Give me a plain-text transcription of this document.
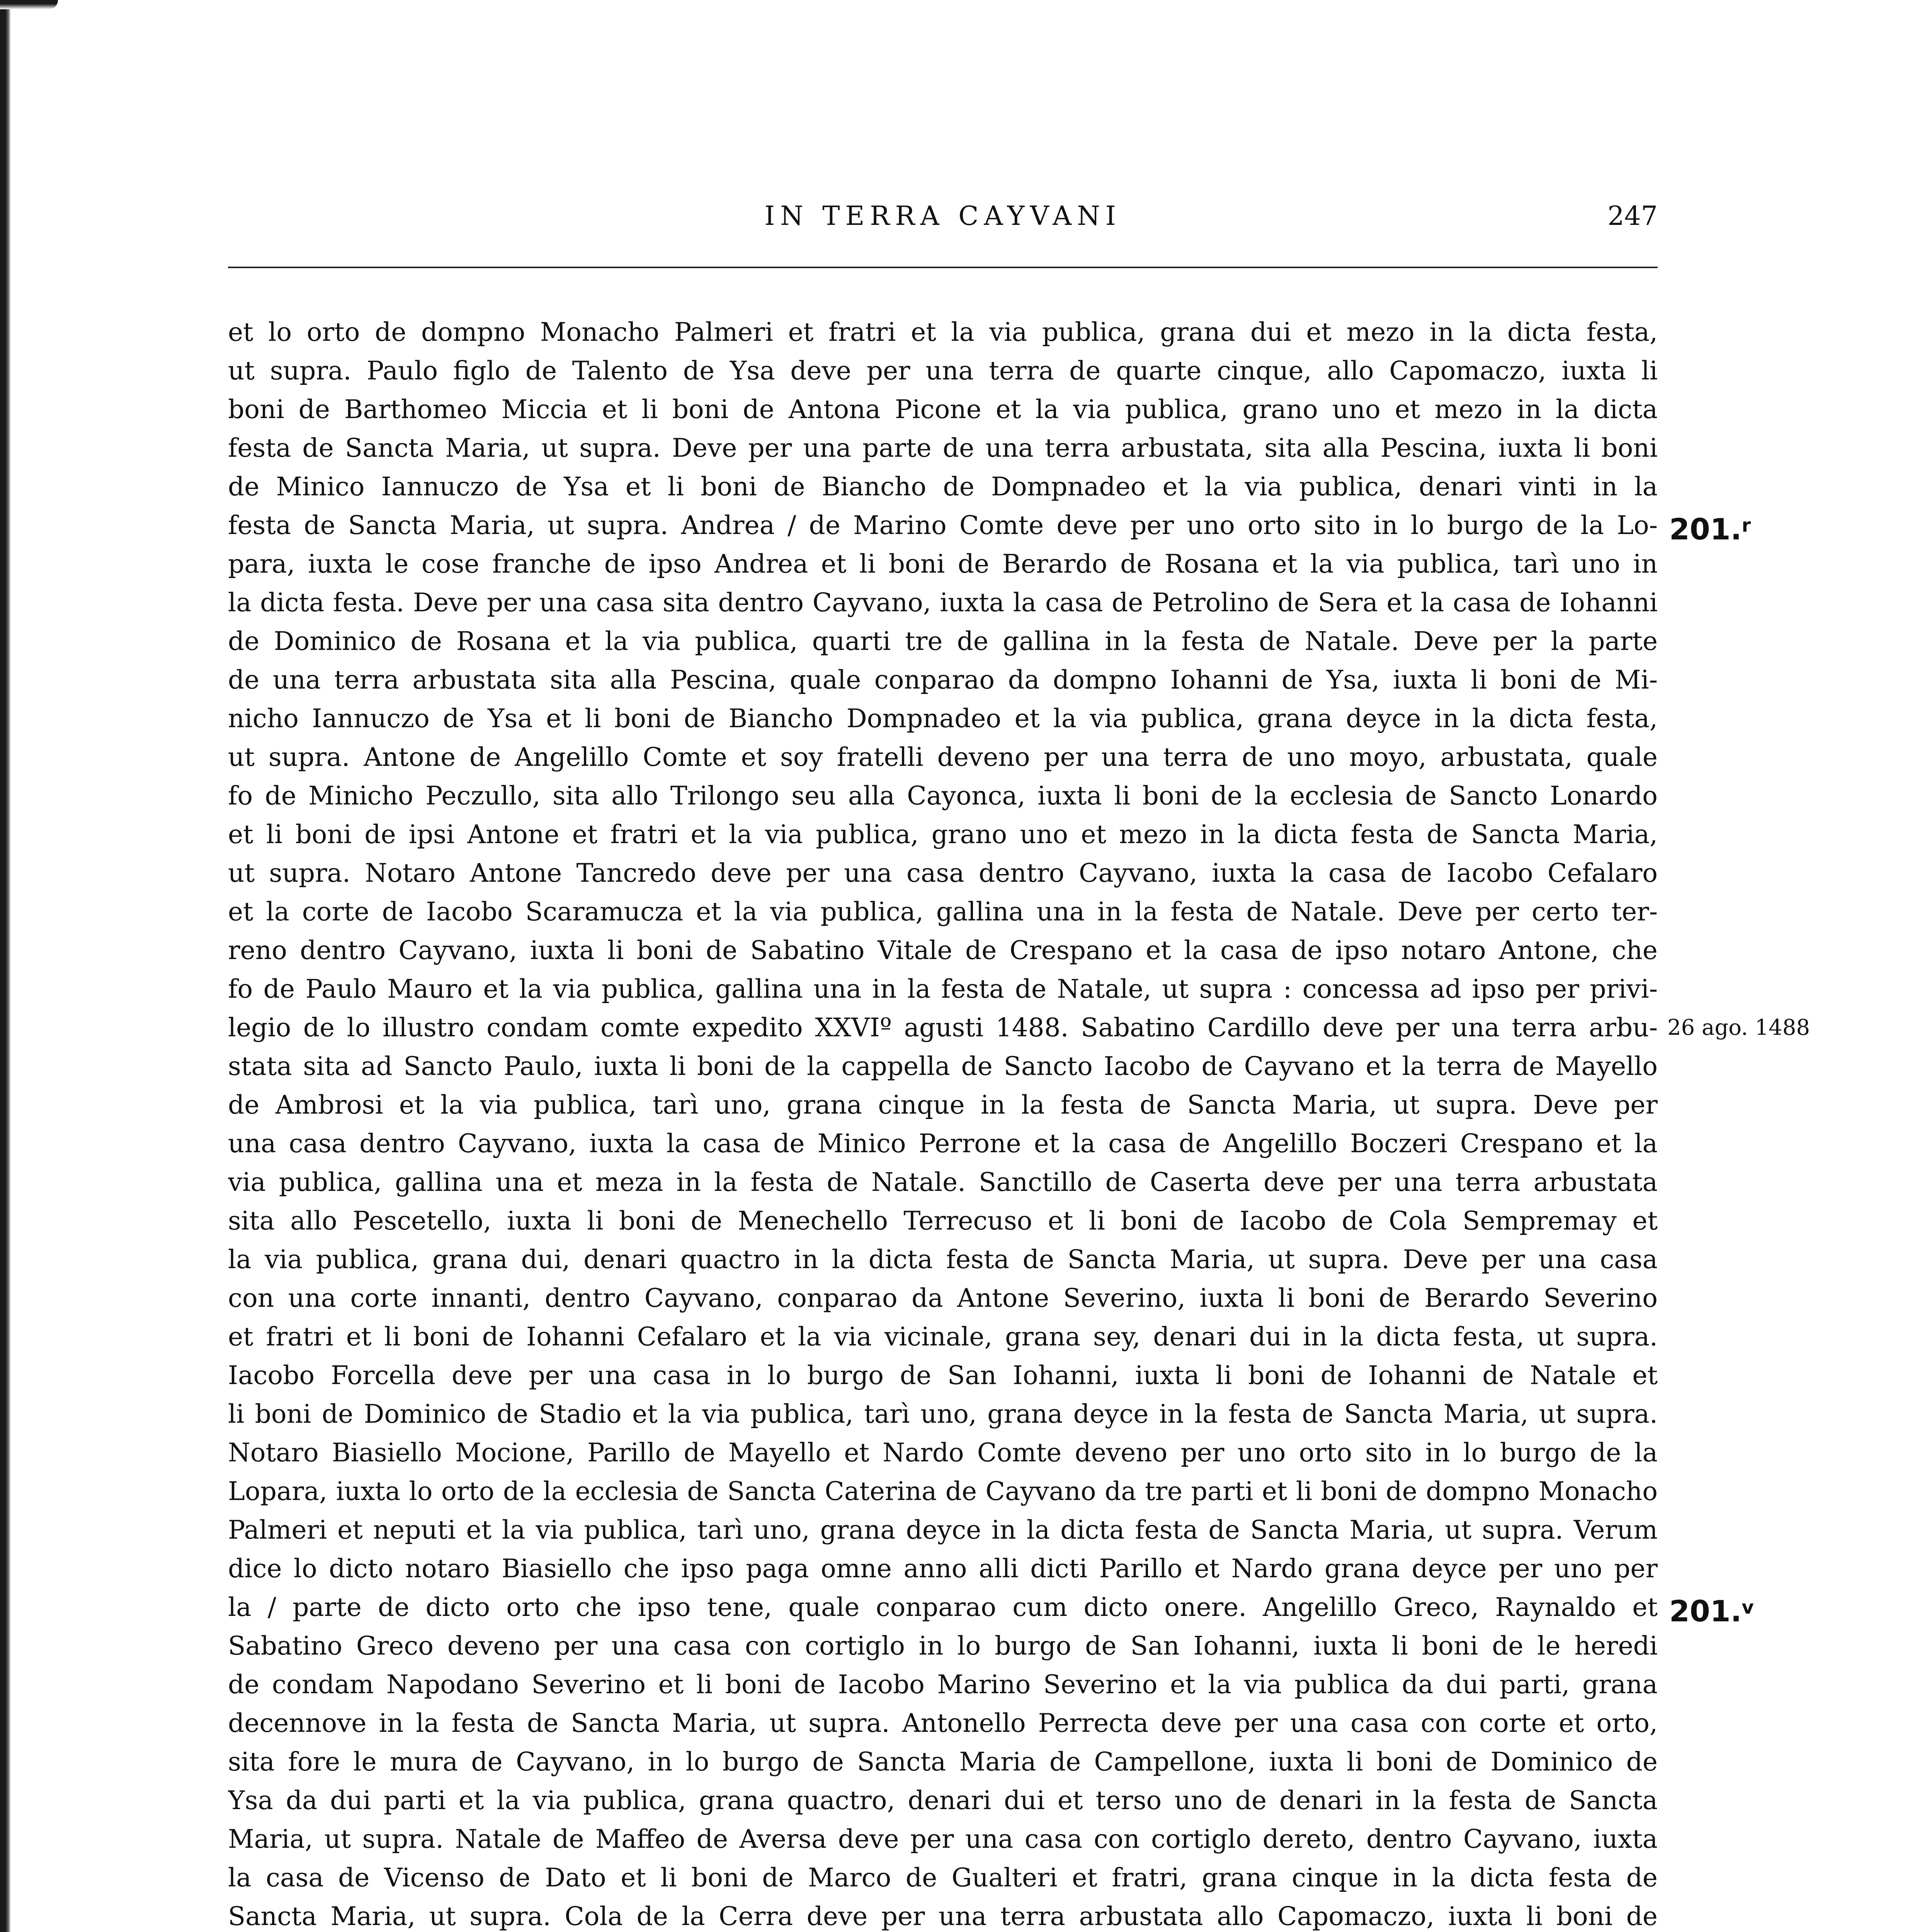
IN TERRA CAYVANI	247
et lo orto de dompno Monacho Palmeri et fratri et la via publica, grana dui et mezo in la dicta festa,
ut supra. Paulo figlo de Talento de Ysa deve per una terra de quarte cinque, allo Capomaczo, iuxta li
boni de Barthomeo Miccia et li boni de Antona Picone et la via publica, grano uno et mezo in la dicta
festa de Sancta Maria, ut supra. Deve per una parte de una terra arbustata, sita alla Pescina, iuxta li boni
de Minico Iannuczo de Ysa et li boni de Biancho de Dompnadeo et la via publica, denari vinti in la
festa de Sancta Maria, ut supra. Andrea / de Marino Comte deve per uno orto sito in lo burgo de la Lo-
para, iuxta le cose franche de ipso Andrea et li boni de Berardo de Rosana et la via publica, tarì uno in
la dicta festa. Deve per una casa sita dentro Cayvano, iuxta la casa de Petrolino de Sera et la casa de Iohanni
de Dominico de Rosana et la via publica, quarti tre de gallina in la festa de Natale. Deve per la parte
de una terra arbustata sita alla Pescina, quale conparao da dompno Iohanni de Ysa, iuxta li boni de Mi-
nicho Iannuczo de Ysa et li boni de Biancho Dompnadeo et la via publica, grana deyce in la dicta festa,
ut supra. Antone de Angelillo Comte et soy fratelli deveno per una terra de uno moyo, arbustata, quale
fo de Minicho Peczullo, sita allo Trilongo seu alla Cayonca, iuxta li boni de la ecclesia de Sancto Lonardo
et li boni de ipsi Antone et fratri et la via publica, grano uno et mezo in la dicta festa de Sancta Maria,
ut supra. Notaro Antone Tancredo deve per una casa dentro Cayvano, iuxta la casa de Iacobo Cefalaro
et la corte de Iacobo Scaramucza et la via publica, gallina una in la festa de Natale. Deve per certo ter-
reno dentro Cayvano, iuxta li boni de Sabatino Vitale de Crespano et la casa de ipso notaro Antone, che
fo de Paulo Mauro et la via publica, gallina una in la festa de Natale, ut supra : concessa ad ipso per privi-
legio de lo illustro condam comte expedito XXVIº agusti 1488. Sabatino Cardillo deve per una terra arbu-
stata sita ad Sancto Paulo, iuxta li boni de la cappella de Sancto Iacobo de Cayvano et la terra de Mayello
de Ambrosi et la via publica, tarì uno, grana cinque in la festa de Sancta Maria, ut supra. Deve per
una casa dentro Cayvano, iuxta la casa de Minico Perrone et la casa de Angelillo Boczeri Crespano et la
via publica, gallina una et meza in la festa de Natale. Sanctillo de Caserta deve per una terra arbustata
sita allo Pescetello, iuxta li boni de Menechello Terrecuso et li boni de Iacobo de Cola Sempremay et
la via publica, grana dui, denari quactro in la dicta festa de Sancta Maria, ut supra. Deve per una casa
con una corte innanti, dentro Cayvano, conparao da Antone Severino, iuxta li boni de Berardo Severino
et fratri et li boni de Iohanni Cefalaro et la via vicinale, grana sey, denari dui in la dicta festa, ut supra.
Iacobo Forcella deve per una casa in lo burgo de San Iohanni, iuxta li boni de Iohanni de Natale et
li boni de Dominico de Stadio et la via publica, tarì uno, grana deyce in la festa de Sancta Maria, ut supra.
Notaro Biasiello Mocione, Parillo de Mayello et Nardo Comte deveno per uno orto sito in lo burgo de la
Lopara, iuxta lo orto de la ecclesia de Sancta Caterina de Cayvano da tre parti et li boni de dompno Monacho
Palmeri et neputi et la via publica, tarì uno, grana deyce in la dicta festa de Sancta Maria, ut supra. Verum
dice lo dicto notaro Biasiello che ipso paga omne anno alli dicti Parillo et Nardo grana deyce per uno per
la / parte de dicto orto che ipso tene, quale conparao cum dicto onere. Angelillo Greco, Raynaldo et
Sabatino Greco deveno per una casa con cortiglo in lo burgo de San Iohanni, iuxta li boni de le heredi
de condam Napodano Severino et li boni de Iacobo Marino Severino et la via publica da dui parti, grana
decennove in la festa de Sancta Maria, ut supra. Antonello Perrecta deve per una casa con corte et orto,
sita fore le mura de Cayvano, in lo burgo de Sancta Maria de Campellone, iuxta li boni de Dominico de
Ysa da dui parti et la via publica, grana quactro, denari dui et terso uno de denari in la festa de Sancta
Maria, ut supra. Natale de Maffeo de Aversa deve per una casa con cortiglo dereto, dentro Cayvano, iuxta
la casa de Vicenso de Dato et li boni de Marco de Gualteri et fratri, grana cinque in la dicta festa de
Sancta Maria, ut supra. Cola de la Cerra deve per una terra arbustata allo Capomaczo, iuxta li boni de
201.$^r$
26 ago. 1488
201.$^v$
